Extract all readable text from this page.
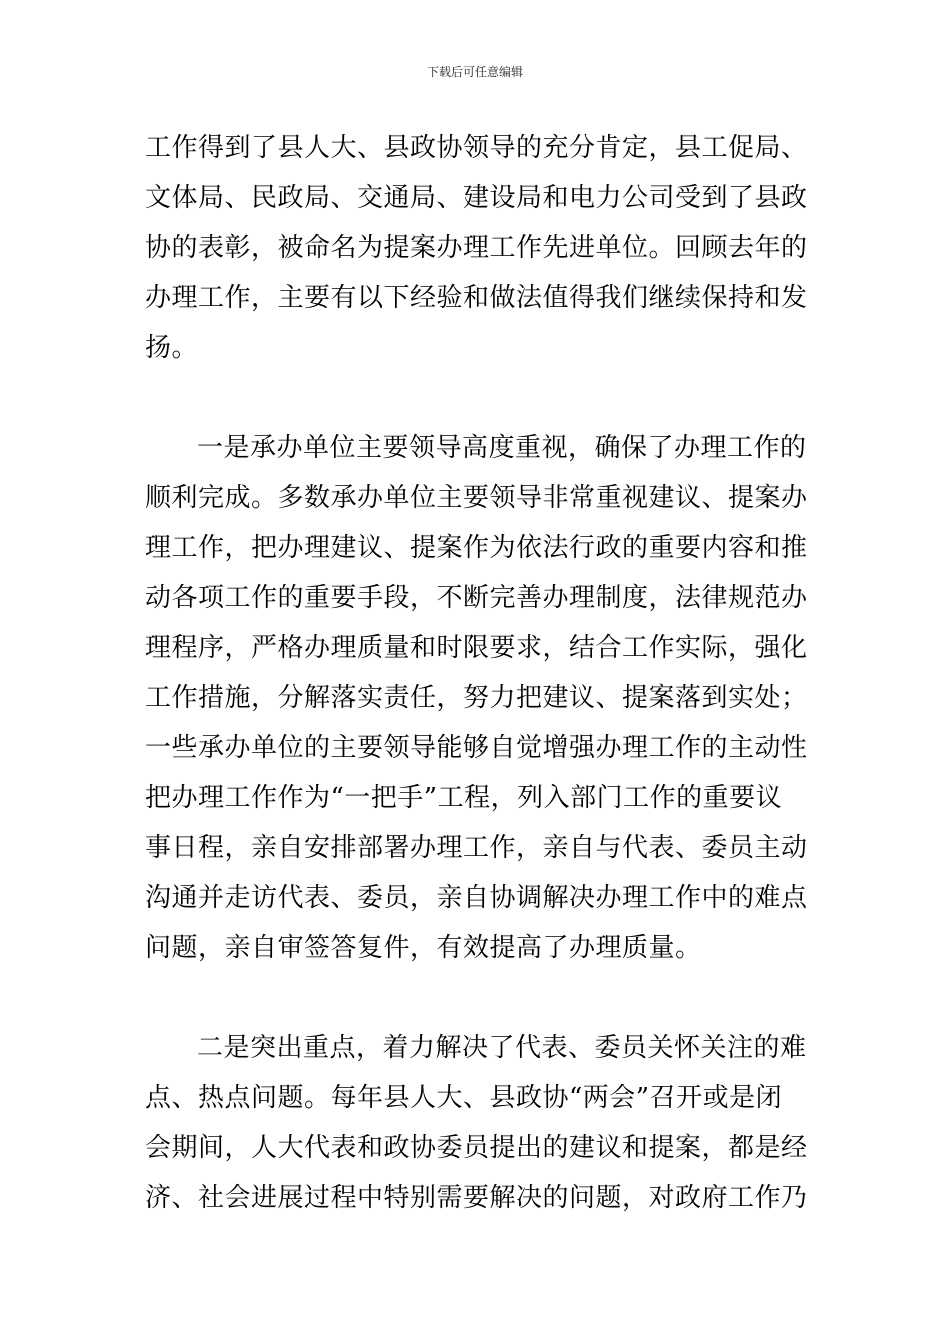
下载后可任意编辑
工作得到了县人大、县政协领导的充分肯定，县工促局、
文体局、民政局、交通局、建设局和电力公司受到了县政
协的表彰，被命名为提案办理工作先进单位。回顾去年的
办理工作，主要有以下经验和做法值得我们继续保持和发
扬。
一是承办单位主要领导高度重视，确保了办理工作的
顺利完成。多数承办单位主要领导非常重视建议、提案办
理工作，把办理建议、提案作为依法行政的重要内容和推
动各项工作的重要手段，不断完善办理制度，法律规范办
理程序，严格办理质量和时限要求，结合工作实际，强化
工作措施，分解落实责任，努力把建议、提案落到实处；
一些承办单位的主要领导能够自觉增强办理工作的主动性
把办理工作作为“一把手”工程，列入部门工作的重要议
事日程，亲自安排部署办理工作，亲自与代表、委员主动
沟通并走访代表、委员，亲自协调解决办理工作中的难点
问题，亲自审签答复件，有效提高了办理质量。
二是突出重点，着力解决了代表、委员关怀关注的难
点、热点问题。每年县人大、县政协“两会”召开或是闭
会期间，人大代表和政协委员提出的建议和提案，都是经
济、社会进展过程中特别需要解决的问题，对政府工作乃
